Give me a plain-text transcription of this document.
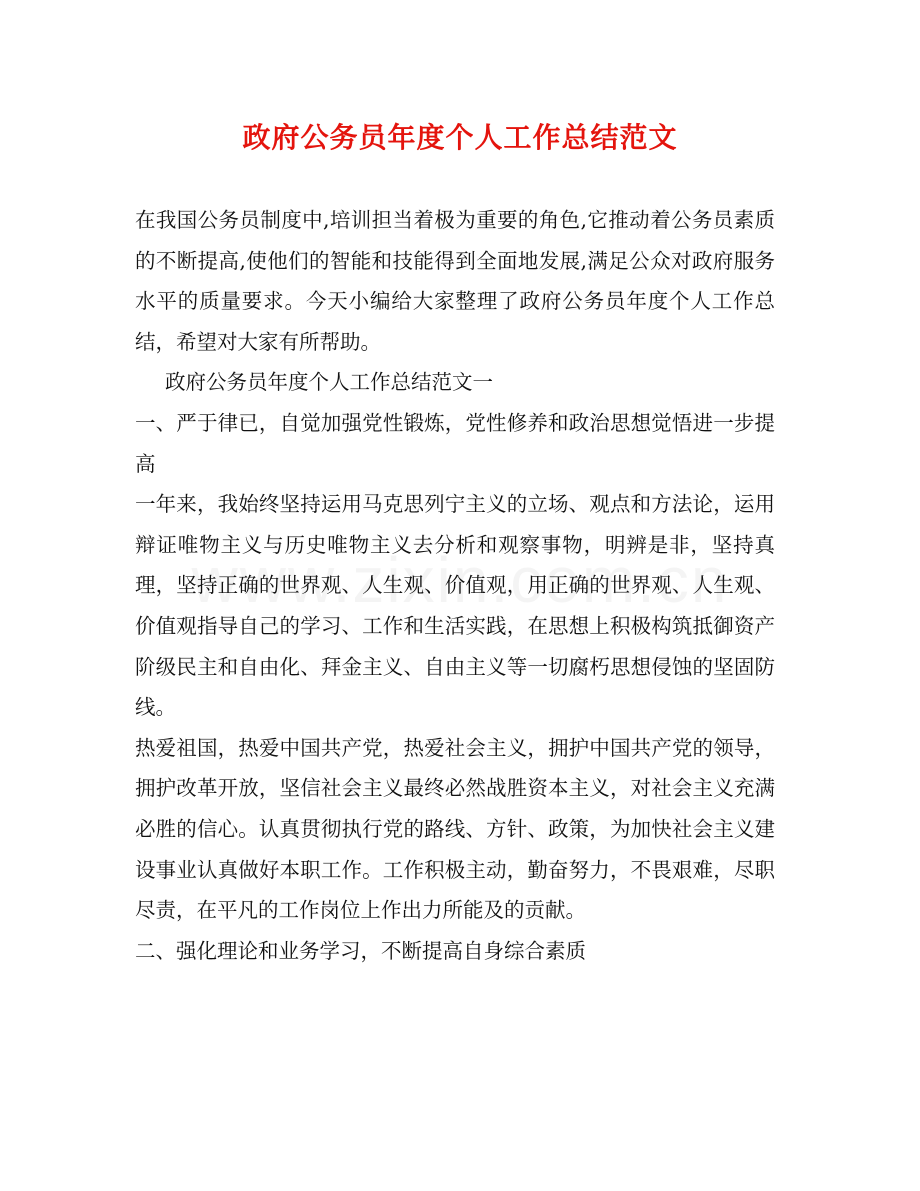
政府公务员年度个人工作总结范文

在我国公务员制度中,培训担当着极为重要的角色,它推动着公务员素质的不断提高,使他们的智能和技能得到全面地发展,满足公众对政府服务水平的质量要求。今天小编给大家整理了政府公务员年度个人工作总结，希望对大家有所帮助。

政府公务员年度个人工作总结范文一

一、严于律已，自觉加强党性锻炼，党性修养和政治思想觉悟进一步提高

一年来，我始终坚持运用马克思列宁主义的立场、观点和方法论，运用辩证唯物主义与历史唯物主义去分析和观察事物，明辨是非，坚持真理，坚持正确的世界观、人生观、价值观，用正确的世界观、人生观、价值观指导自己的学习、工作和生活实践，在思想上积极构筑抵御资产阶级民主和自由化、拜金主义、自由主义等一切腐朽思想侵蚀的坚固防线。

热爱祖国，热爱中国共产党，热爱社会主义，拥护中国共产党的领导，拥护改革开放，坚信社会主义最终必然战胜资本主义，对社会主义充满必胜的信心。认真贯彻执行党的路线、方针、政策，为加快社会主义建设事业认真做好本职工作。工作积极主动，勤奋努力，不畏艰难，尽职尽责，在平凡的工作岗位上作出力所能及的贡献。

二、强化理论和业务学习，不断提高自身综合素质
